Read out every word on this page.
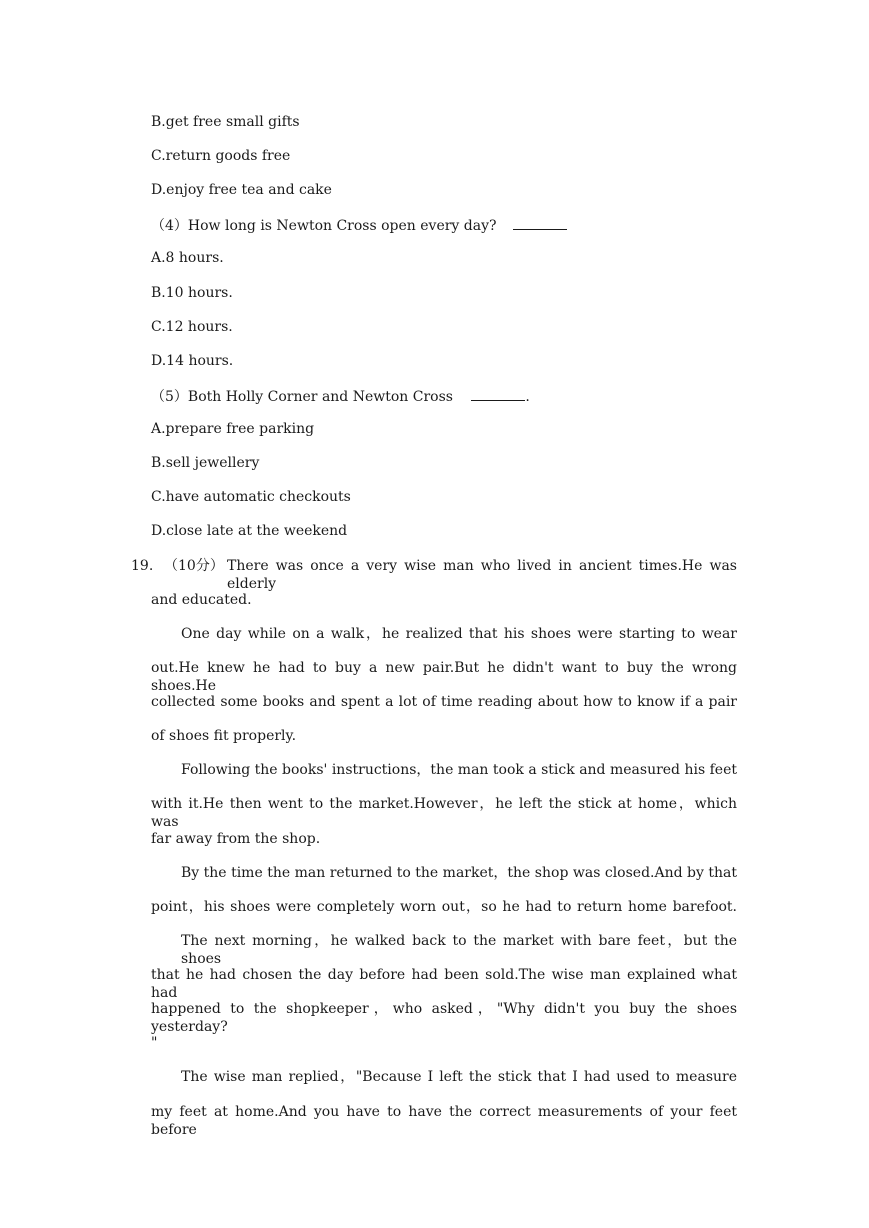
B.get free small gifts
C.return goods free
D.enjoy free tea and cake
（4）How long is Newton Cross open every day?
A.8 hours.
B.10 hours.
C.12 hours.
D.14 hours.
（5）Both Holly Corner and Newton Cross	.
A.prepare free parking
B.sell jewellery
C.have automatic checkouts
D.close late at the weekend
19. （10分） There was once a very wise man who lived in ancient times.He was elderly
and educated.
One day while on a walk，he realized that his shoes were starting to wear
out.He knew he had to buy a new pair.But he didn't want to buy the wrong shoes.He
collected some books and spent a lot of time reading about how to know if a pair
of shoes fit properly.
Following the books' instructions，the man took a stick and measured his feet
with it.He then went to the market.However，he left the stick at home，which was
far away from the shop.
By the time the man returned to the market，the shop was closed.And by that
point，his shoes were completely worn out，so he had to return home barefoot.
The next morning，he walked back to the market with bare feet，but the shoes
that he had chosen the day before had been sold.The wise man explained what had
happened to the shopkeeper，who asked，"Why didn't you buy the shoes yesterday?
"
The wise man replied，"Because I left the stick that I had used to measure
my feet at home.And you have to have the correct measurements of your feet before
